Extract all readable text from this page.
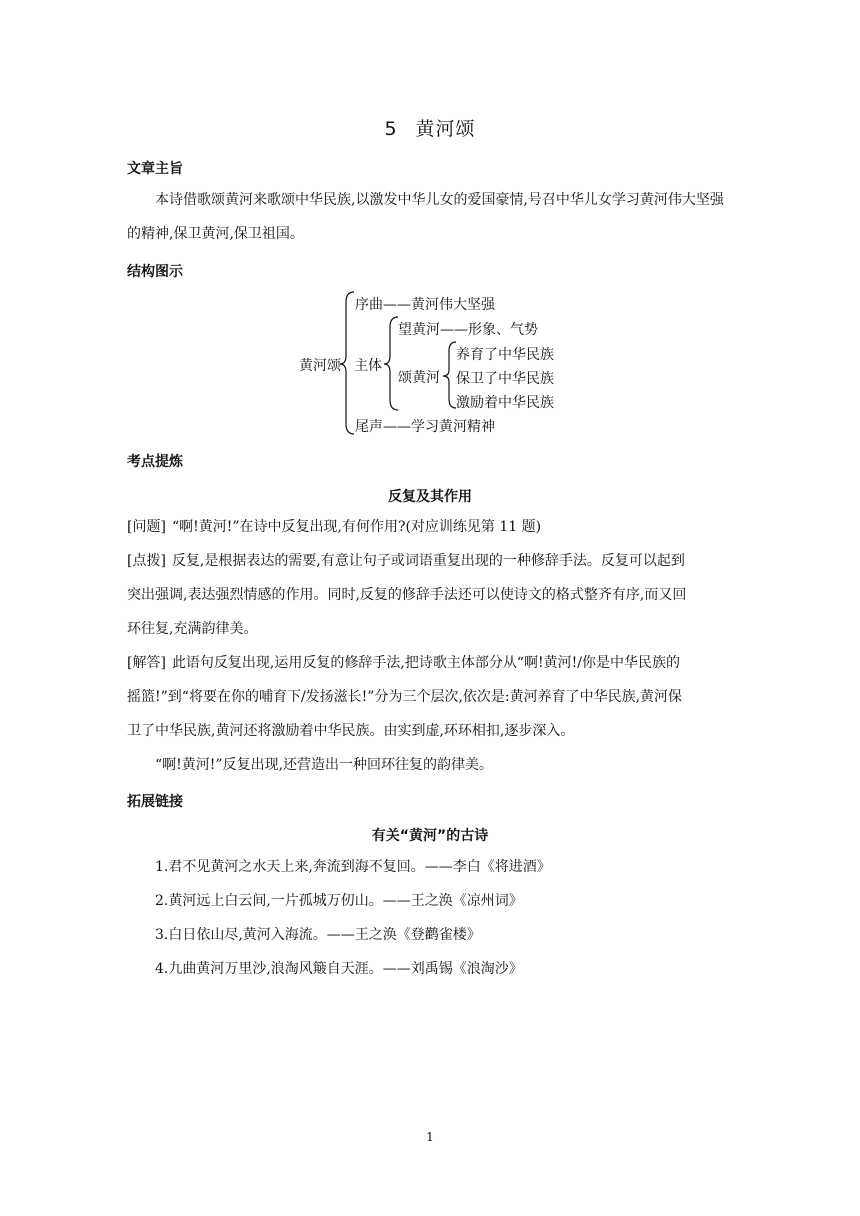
5 黄河颂
文章主旨
本诗借歌颂黄河来歌颂中华民族,以激发中华儿女的爱国豪情,号召中华儿女学习黄河伟大坚强的精神,保卫黄河,保卫祖国。
结构图示
黄河颂
序曲——黄河伟大坚强
主体
望黄河——形象、气势
颂黄河
养育了中华民族
保卫了中华民族
激励着中华民族
尾声——学习黄河精神
考点提炼
反复及其作用
[问题] “啊!黄河!”在诗中反复出现,有何作用?(对应训练见第 11 题)
[点拨] 反复,是根据表达的需要,有意让句子或词语重复出现的一种修辞手法。反复可以起到
突出强调,表达强烈情感的作用。同时,反复的修辞手法还可以使诗文的格式整齐有序,而又回
环往复,充满韵律美。
[解答] 此语句反复出现,运用反复的修辞手法,把诗歌主体部分从“啊!黄河!/你是中华民族的
摇篮!”到“将要在你的哺育下/发扬滋长!”分为三个层次,依次是:黄河养育了中华民族,黄河保
卫了中华民族,黄河还将激励着中华民族。由实到虚,环环相扣,逐步深入。
“啊!黄河!”反复出现,还营造出一种回环往复的韵律美。
拓展链接
有关“黄河”的古诗
1.君不见黄河之水天上来,奔流到海不复回。——李白《将进酒》
2.黄河远上白云间,一片孤城万仞山。——王之涣《凉州词》
3.白日依山尽,黄河入海流。——王之涣《登鹳雀楼》
4.九曲黄河万里沙,浪淘风簸自天涯。——刘禹锡《浪淘沙》
1
